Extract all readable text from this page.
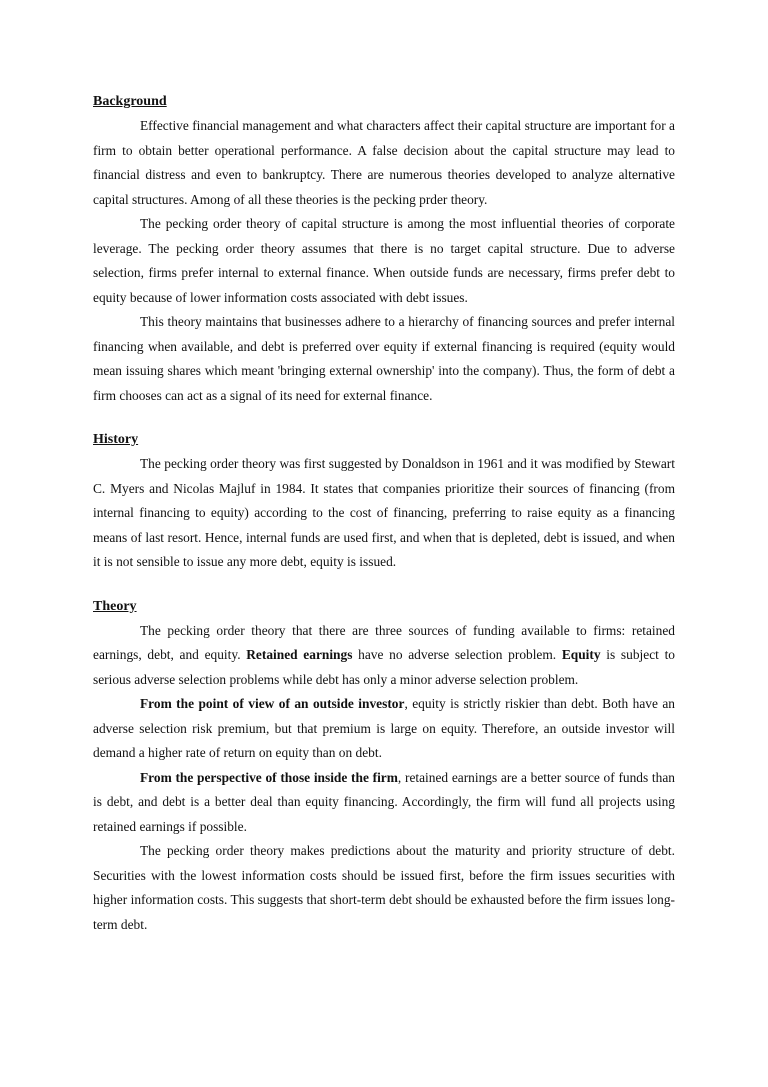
Background

Effective financial management and what characters affect their capital structure are important for a firm to obtain better operational performance. A false decision about the capital structure may lead to financial distress and even to bankruptcy. There are numerous theories developed to analyze alternative capital structures. Among of all these theories is the pecking prder theory.

The pecking order theory of capital structure is among the most influential theories of corporate leverage. The pecking order theory assumes that there is no target capital structure. Due to adverse selection, firms prefer internal to external finance. When outside funds are necessary, firms prefer debt to equity because of lower information costs associated with debt issues.

This theory maintains that businesses adhere to a hierarchy of financing sources and prefer internal financing when available, and debt is preferred over equity if external financing is required (equity would mean issuing shares which meant 'bringing external ownership' into the company). Thus, the form of debt a firm chooses can act as a signal of its need for external finance.

History

The pecking order theory was first suggested by Donaldson in 1961 and it was modified by Stewart C. Myers and Nicolas Majluf in 1984. It states that companies prioritize their sources of financing (from internal financing to equity) according to the cost of financing, preferring to raise equity as a financing means of last resort. Hence, internal funds are used first, and when that is depleted, debt is issued, and when it is not sensible to issue any more debt, equity is issued.

Theory

The pecking order theory that there are three sources of funding available to firms: retained earnings, debt, and equity. Retained earnings have no adverse selection problem. Equity is subject to serious adverse selection problems while debt has only a minor adverse selection problem.

From the point of view of an outside investor, equity is strictly riskier than debt. Both have an adverse selection risk premium, but that premium is large on equity. Therefore, an outside investor will demand a higher rate of return on equity than on debt.

From the perspective of those inside the firm, retained earnings are a better source of funds than is debt, and debt is a better deal than equity financing. Accordingly, the firm will fund all projects using retained earnings if possible.

The pecking order theory makes predictions about the maturity and priority structure of debt. Securities with the lowest information costs should be issued first, before the firm issues securities with higher information costs. This suggests that short-term debt should be exhausted before the firm issues long-term debt.
